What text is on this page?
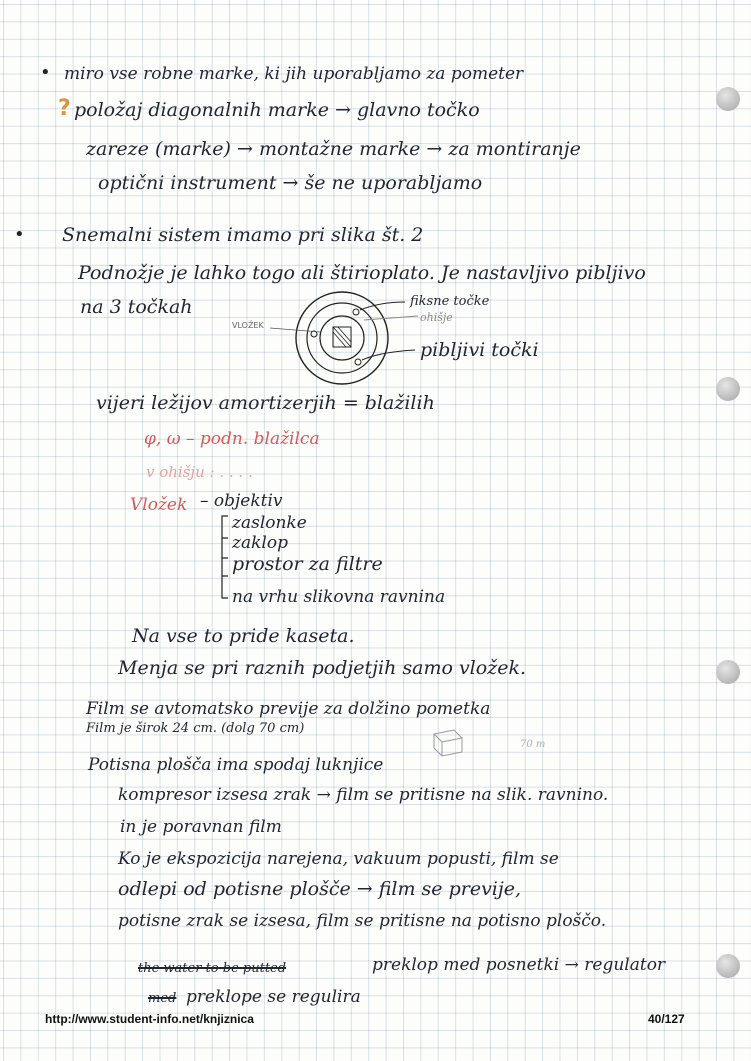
•
•
miro vse robne marke, ki jih uporabljamo za pometer
? položaj diagonalnih marke → glavno točko
zareze (marke) → montažne marke → za montiranje
optični instrument → še ne uporabljamo
Snemalni sistem imamo pri slika št. 2
Podnožje je lahko togo ali štirioplato. Je nastavljivo pibljivo
na 3 točkah
VLOŽEK
fiksne točke
ohišje
pibljivi točki
vijeri ležijov amortizerjih = blažilih
φ, ω – podn. blažilca
v ohišju : . . . .
Vložek – objektiv
zaslonke
zaklop
prostor za filtre
na vrhu slikovna ravnina
Na vse to pride kaseta.
Menja se pri raznih podjetjih samo vložek.
Film se avtomatsko previje za dolžino pometka
Film je širok 24 cm. (dolg 70 cm)
70 m
Potisna plošča ima spodaj luknjice
kompresor izsesa zrak → film se pritisne na slik. ravnino.
in je poravnan film
Ko je ekspozicija narejena, vakuum popusti, film se
odlepi od potisne plošče → film se previje,
potisne zrak se izsesa, film se pritisne na potisno ploščo.
the water to be putted	preklop med posnetki → regulator
med preklope se regulira
http://www.student-info.net/knjiznica	40/127
